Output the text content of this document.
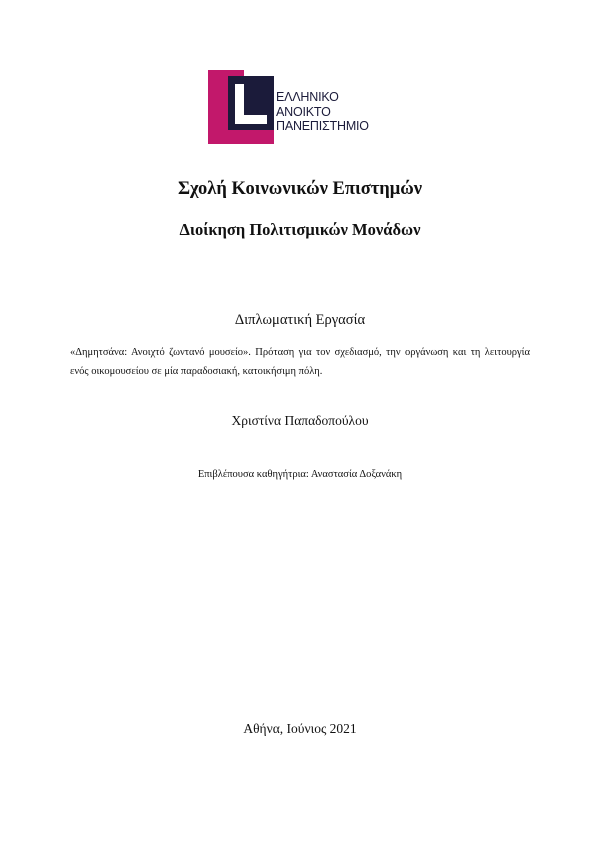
ΕΛΛΗΝΙΚΟ
ΑΝΟΙΚΤΟ
ΠΑΝΕΠΙΣΤΗΜΙΟ
Σχολή Κοινωνικών Επιστημών
Διοίκηση Πολιτισμικών Μονάδων
Διπλωματική Εργασία
«Δημητσάνα: Ανοιχτό ζωντανό μουσείο». Πρόταση για τον σχεδιασμό, την οργάνωση και τη λειτουργία ενός οικομουσείου σε μία παραδοσιακή, κατοικήσιμη πόλη.
Χριστίνα Παπαδοπούλου
Επιβλέπουσα καθηγήτρια: Αναστασία Δοξανάκη
Αθήνα, Ιούνιος 2021
